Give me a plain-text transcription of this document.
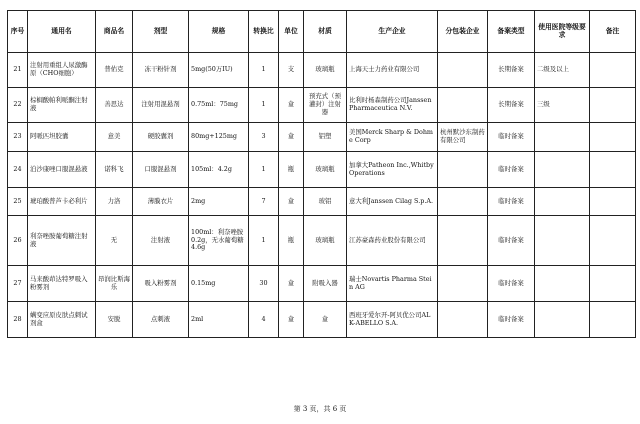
序号	通用名	商品名	剂型	规格	转换比	单位	材质	生产企业	分包装企业	备案类型	使用医院等级要求	备注
21	注射用重组人尿激酶原（CHO细胞）	普佑克	冻干粉针剂	5mg(50万IU)	1	支	玻璃瓶	上海天士力药业有限公司		长期备案	二级及以上	
22	棕榈酸帕利哌酮注射液	善思达	注射用混悬剂	0.75ml：75mg	1	盒	预充式（预灌封）注射器	比利时杨森制药公司Janssen Pharmaceutica N.V.		长期备案	三级	
23	阿哌匹坦胶囊	意美	硬胶囊剂	80mg+125mg	3	盒	铝塑	美国Merck Sharp & Dohme Corp	杭州默沙东制药有限公司	临时备案		
24	泊沙康唑口服混悬液	诺科飞	口服混悬剂	105ml：4.2g	1	瓶	玻璃瓶	加拿大Patheon Inc.,Whitby Operations		临时备案		
25	琥珀酸普芦卡必利片	力洛	薄膜衣片	2mg	7	盒	玻铝	意大利Janssen Cilag S.p.A.		临时备案		
26	利奈唑胺葡萄糖注射液	无	注射液	100ml：利奈唑胺0.2g，无水葡萄糖4.6g	1	瓶	玻璃瓶	江苏豪森药业股份有限公司		临时备案		
27	马来酸茚达特罗吸入粉雾剂	昂润比斯海乐	吸入粉雾剂	0.15mg	30	盒	附吸入器	瑞士Novartis Pharma Stein AG		临时备案		
28	螨变应原皮肤点刺试剂盒	安脱	点刺液	2ml	4	盒	盒	西班牙爱尔开-阿贝优公司ALK-ABELLO S.A.		临时备案		
第 3 页，共 6 页
